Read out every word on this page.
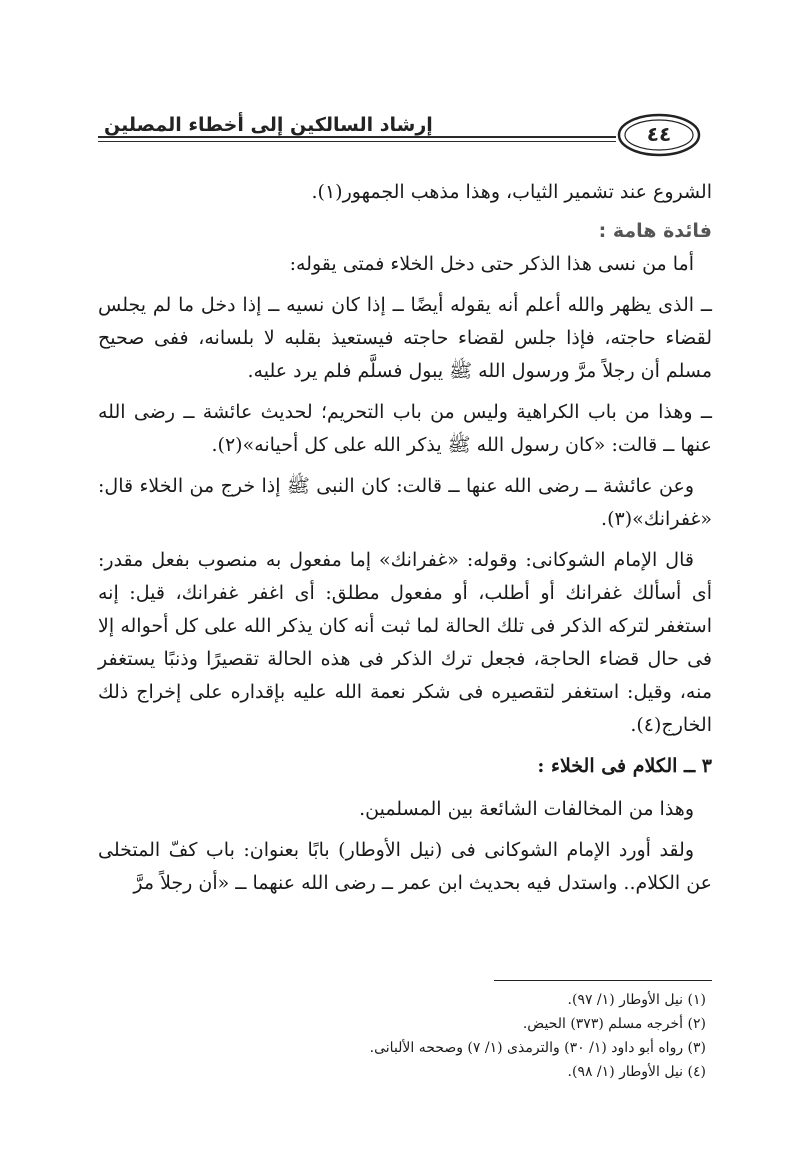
إرشاد السالكين إلى أخطاء المصلين	٤٤

الشروع عند تشمير الثياب، وهذا مذهب الجمهور(١).

فائدة هامة :

أما من نسى هذا الذكر حتى دخل الخلاء فمتى يقوله:

ــ الذى يظهر والله أعلم أنه يقوله أيضًا ــ إذا كان نسيه ــ إذا دخل ما لم يجلس لقضاء حاجته، فإذا جلس لقضاء حاجته فيستعيذ بقلبه لا بلسانه، ففى صحيح مسلم أن رجلاً مرَّ ورسول الله ﷺ يبول فسلَّم فلم يرد عليه.

ــ وهذا من باب الكراهية وليس من باب التحريم؛ لحديث عائشة ــ رضى الله عنها ــ قالت: «كان رسول الله ﷺ يذكر الله على كل أحيانه»(٢).

وعن عائشة ــ رضى الله عنها ــ قالت: كان النبى ﷺ إذا خرج من الخلاء قال: «غفرانك»(٣).

قال الإمام الشوكانى: وقوله: «غفرانك» إما مفعول به منصوب بفعل مقدر: أى أسألك غفرانك أو أطلب، أو مفعول مطلق: أى اغفر غفرانك، قيل: إنه استغفر لتركه الذكر فى تلك الحالة لما ثبت أنه كان يذكر الله على كل أحواله إلا فى حال قضاء الحاجة، فجعل ترك الذكر فى هذه الحالة تقصيرًا وذنبًا يستغفر منه، وقيل: استغفر لتقصيره فى شكر نعمة الله عليه بإقداره على إخراج ذلك الخارج(٤).

٣ ــ الكلام فى الخلاء :

وهذا من المخالفات الشائعة بين المسلمين.

ولقد أورد الإمام الشوكانى فى (نيل الأوطار) بابًا بعنوان: باب كفّ المتخلى عن الكلام.. واستدل فيه بحديث ابن عمر ــ رضى الله عنهما ــ «أن رجلاً مرَّ

(١) نيل الأوطار (١/ ٩٧).
(٢) أخرجه مسلم (٣٧٣) الحيض.
(٣) رواه أبو داود (١/ ٣٠) والترمذى (١/ ٧) وصححه الألبانى.
(٤) نيل الأوطار (١/ ٩٨).
